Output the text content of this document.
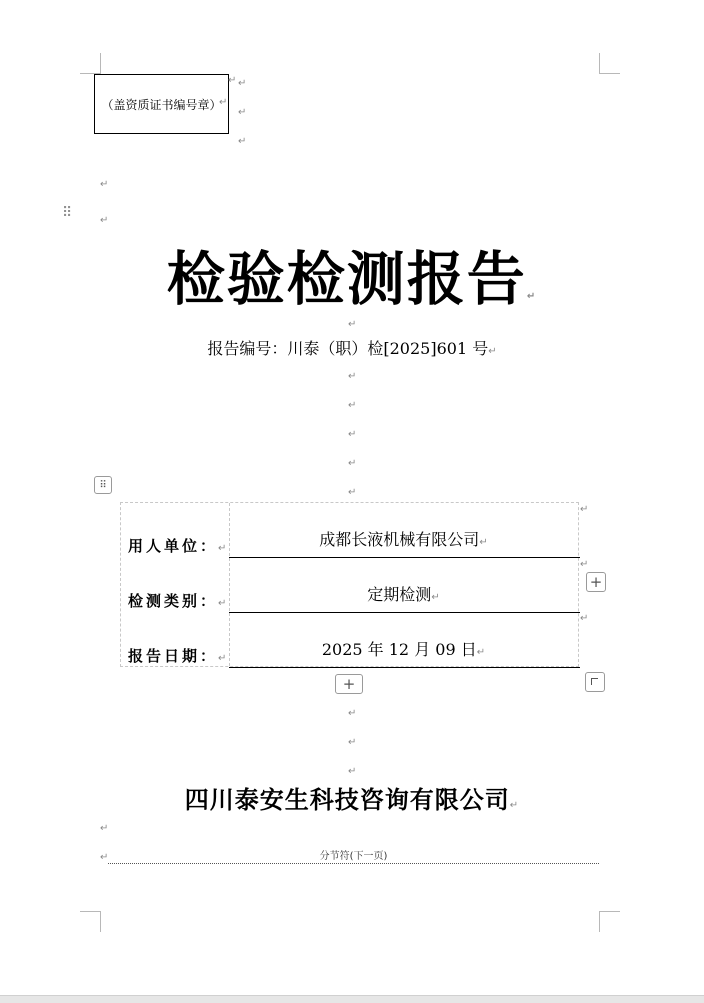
（盖资质证书编号章）
↵
↵ ↵
↵
↵
↵
⠿	↵
检验检测报告↵
↵
报告编号：川泰（职）检[2025]601 号↵
↵
↵
↵
↵
↵
⠿
用人单位：↵	成都长液机械有限公司↵
检测类别：↵	定期检测↵
报告日期：↵	2025 年 12 月 09 日↵
↵
↵
↵
+
+
↵
↵
↵
四川泰安生科技咨询有限公司↵
↵
↵	分节符(下一页)
